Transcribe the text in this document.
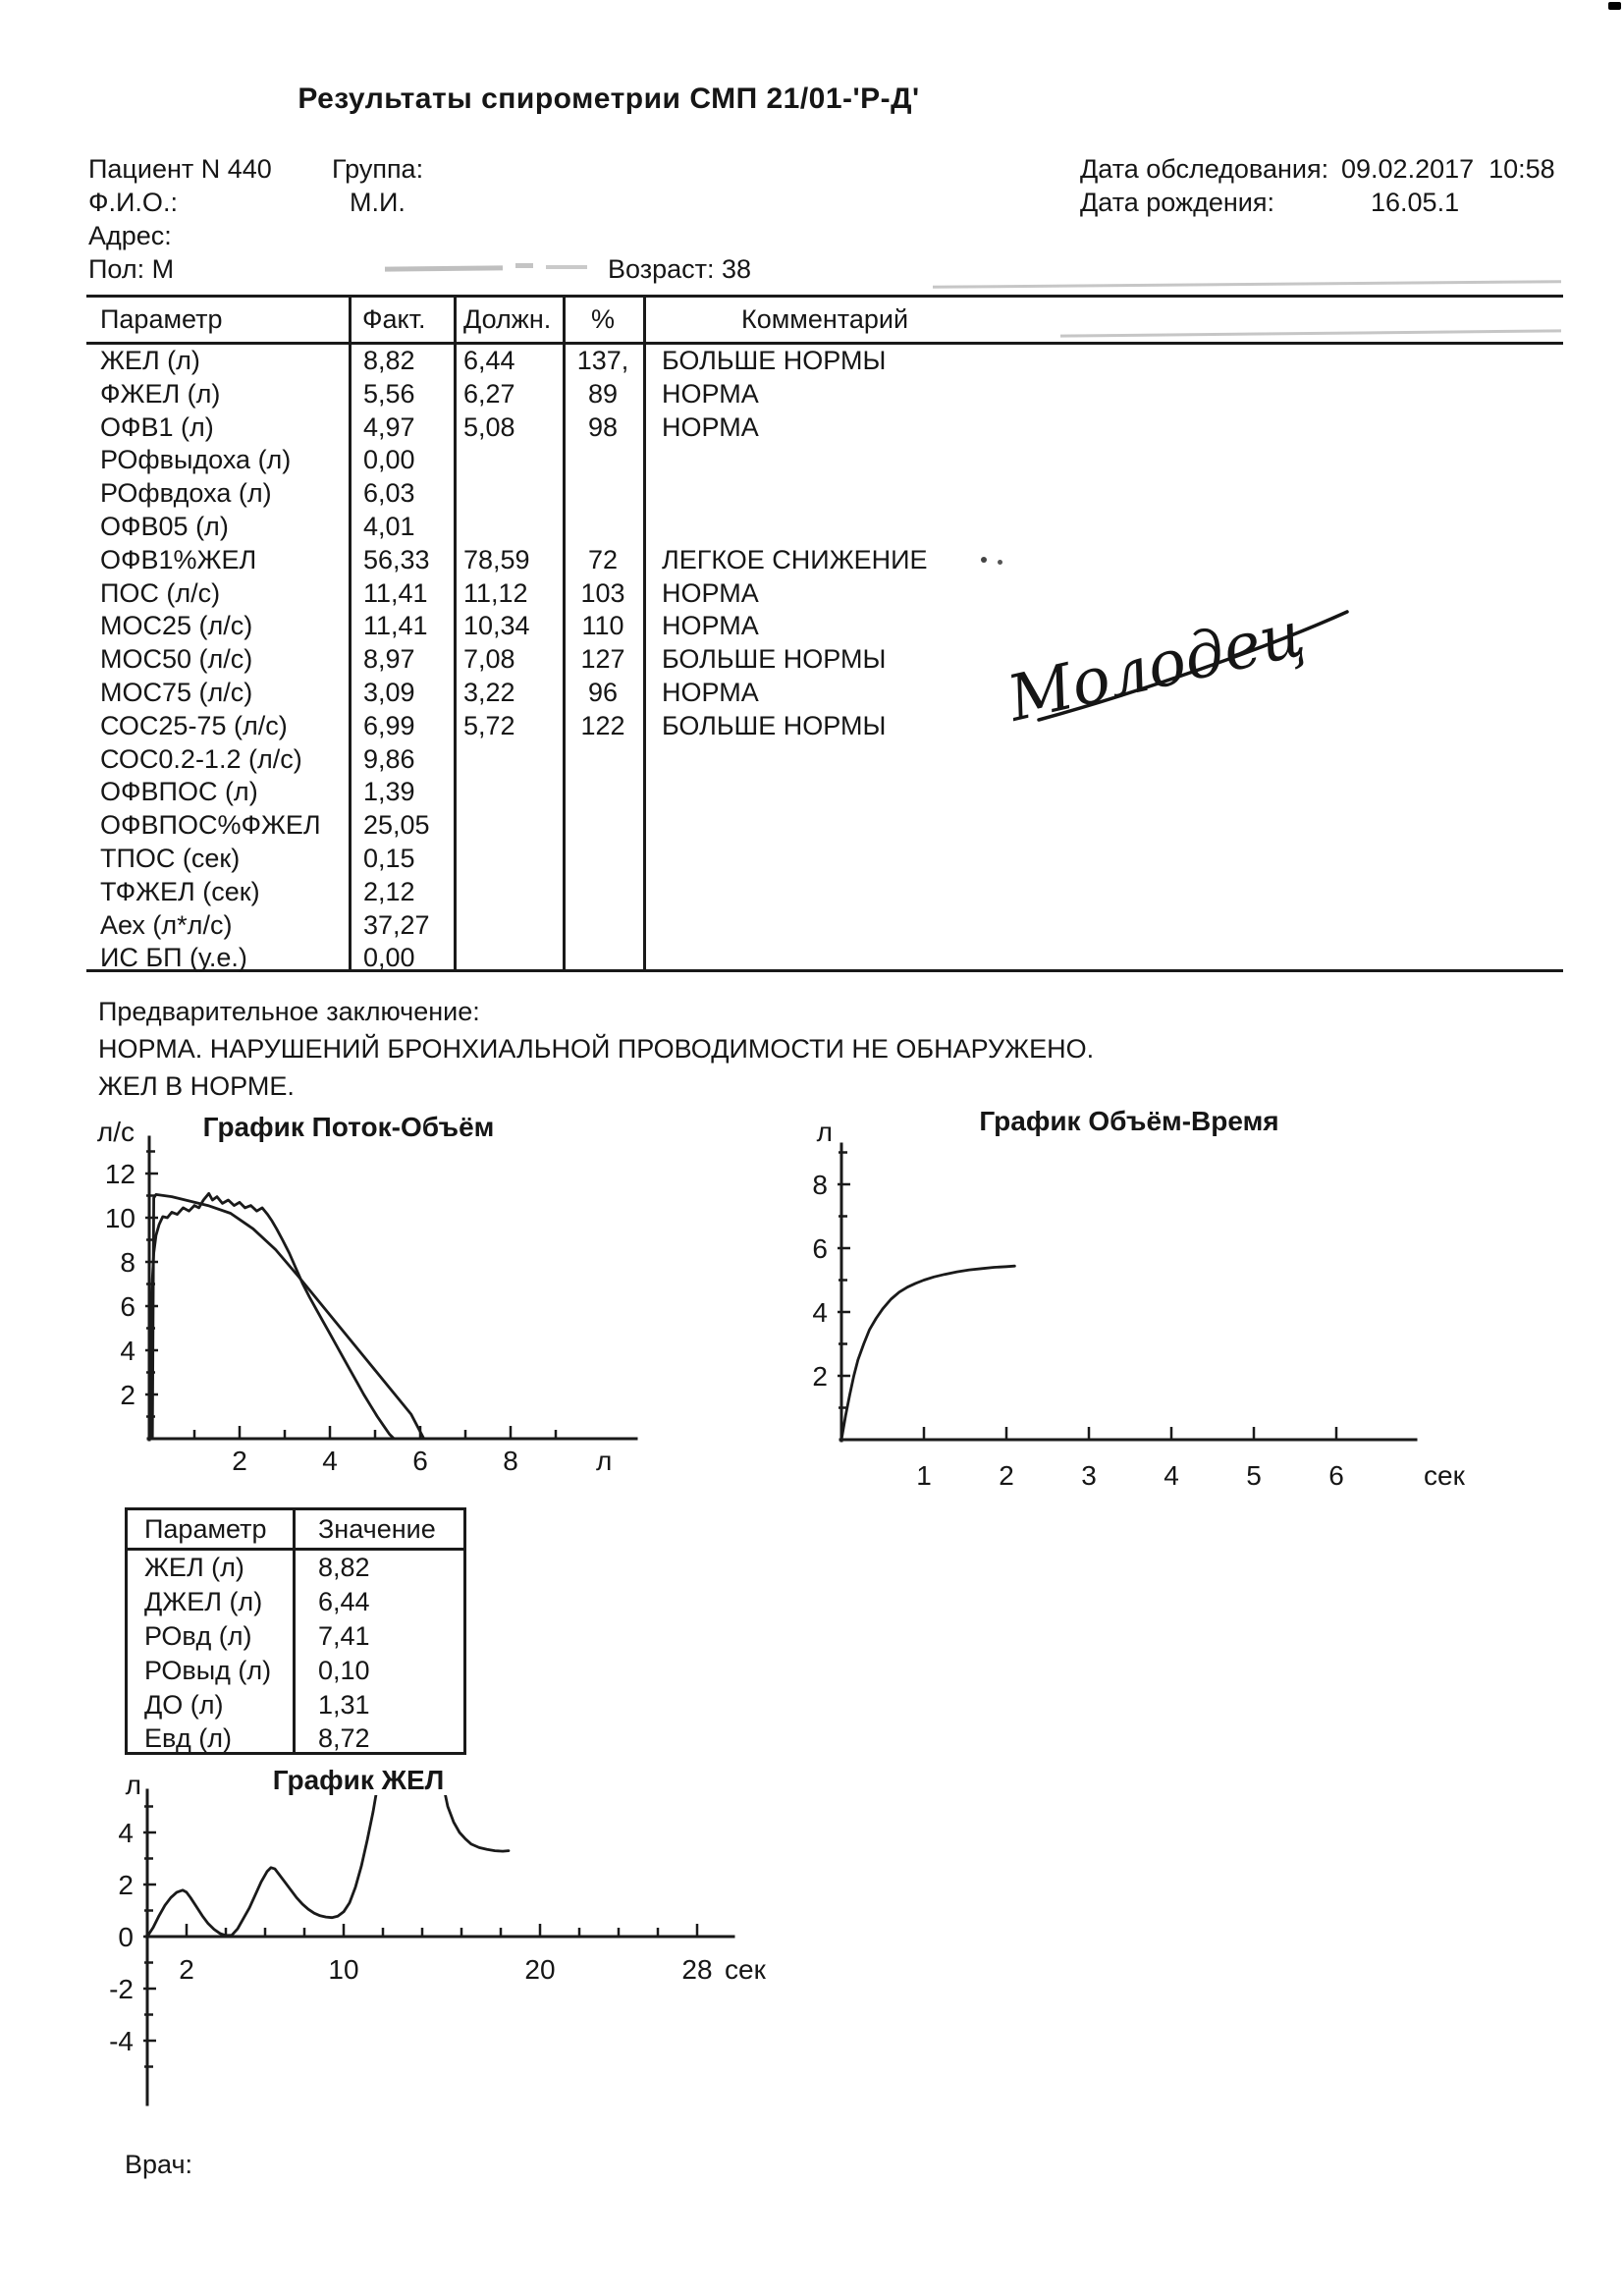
Результаты спирометрии СМП 21/01-'Р-Д'
Пациент N 440 Группа:
Ф.И.О.:	М.И.
Адрес:
Пол: М	Возраст: 38
Дата обследования: 09.02.2017  10:58
Дата рождения:	16.05.1
Параметр	Факт. Должн.	%	Комментарий
ЖЕЛ (л)	8,82	6,44	137,	БОЛЬШЕ НОРМЫ
ФЖЕЛ (л)	5,56	6,27	89	НОРМА
ОФВ1 (л)	4,97	5,08	98	НОРМА
РОфвыдоха (л)	0,00
РОфвдоха (л)	6,03
ОФВ05 (л)	4,01
ОФВ1%ЖЕЛ	56,33	78,59	72	ЛЕГКОЕ СНИЖЕНИЕ
ПОС (л/с)	11,41	11,12	103	НОРМА
МОС25 (л/с)	11,41	10,34	110	НОРМА
МОС50 (л/с)	8,97	7,08	127	БОЛЬШЕ НОРМЫ
МОС75 (л/с)	3,09	3,22	96	НОРМА
СОС25-75 (л/с)	6,99	5,72	122	БОЛЬШЕ НОРМЫ
СОС0.2-1.2 (л/с)	9,86
ОФВПОС (л)	1,39
ОФВПОС%ФЖЕЛ	25,05
ТПОС (сек)	0,15
ТФЖЕЛ (сек)	2,12
Аех (л*л/с)	37,27
ИС БП (у.е.)	0,00
Предварительное заключение:
НОРМА. НАРУШЕНИЙ БРОНХИАЛЬНОЙ ПРОВОДИМОСТИ НЕ ОБНАРУЖЕНО.
ЖЕЛ В НОРМЕ.
Молодец
График Поток-Объём	График Объём-Время
График ЖЕЛ
2	4	6	8
2
4
6
8
10
12
л
л/с
1 2 3 4 5 6
2
4
6
8
сек
л
2	10	20	28
4
2
0
-2
-4
сек
л
Параметр Значение
ЖЕЛ (л)	8,82
ДЖЕЛ (л)	6,44
РОвд (л)	7,41
РОвыд (л)	0,10
ДО (л)	1,31
Евд (л)	8,72
Врач:
